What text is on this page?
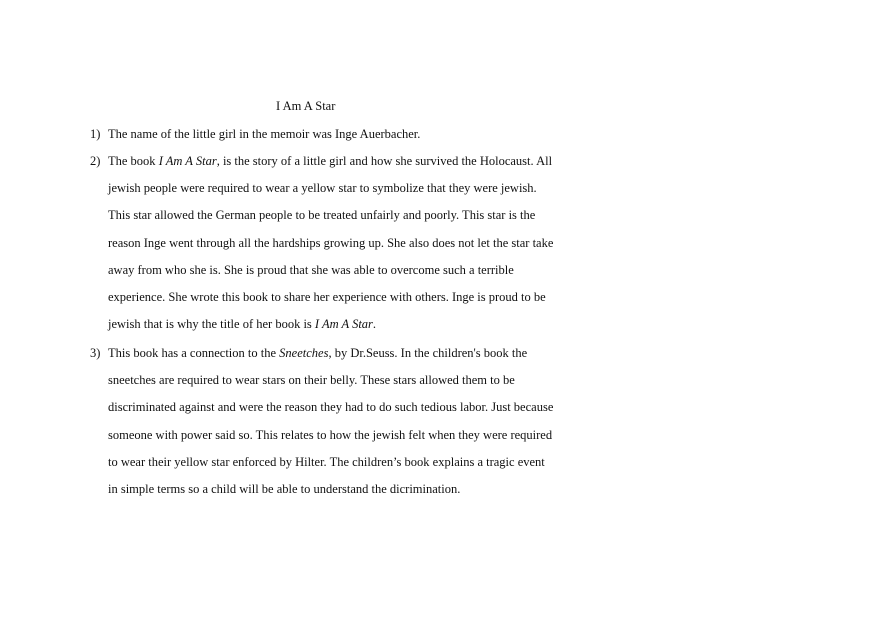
I Am A Star
1) The name of the little girl in the memoir was Inge Auerbacher.
2) The book I Am A Star, is the story of a little girl and how she survived the Holocaust. All
jewish people were required to wear a yellow star to symbolize that they were jewish.
This star allowed the German people to be treated unfairly and poorly. This star is the
reason Inge went through all the hardships growing up. She also does not let the star take
away from who she is. She is proud that she was able to overcome such a terrible
experience. She wrote this book to share her experience with others. Inge is proud to be
jewish that is why the title of her book is I Am A Star.
3) This book has a connection to the Sneetches, by Dr.Seuss. In the children's book the
sneetches are required to wear stars on their belly. These stars allowed them to be
discriminated against and were the reason they had to do such tedious labor. Just because
someone with power said so. This relates to how the jewish felt when they were required
to wear their yellow star enforced by Hilter. The children’s book explains a tragic event
in simple terms so a child will be able to understand the dicrimination.
